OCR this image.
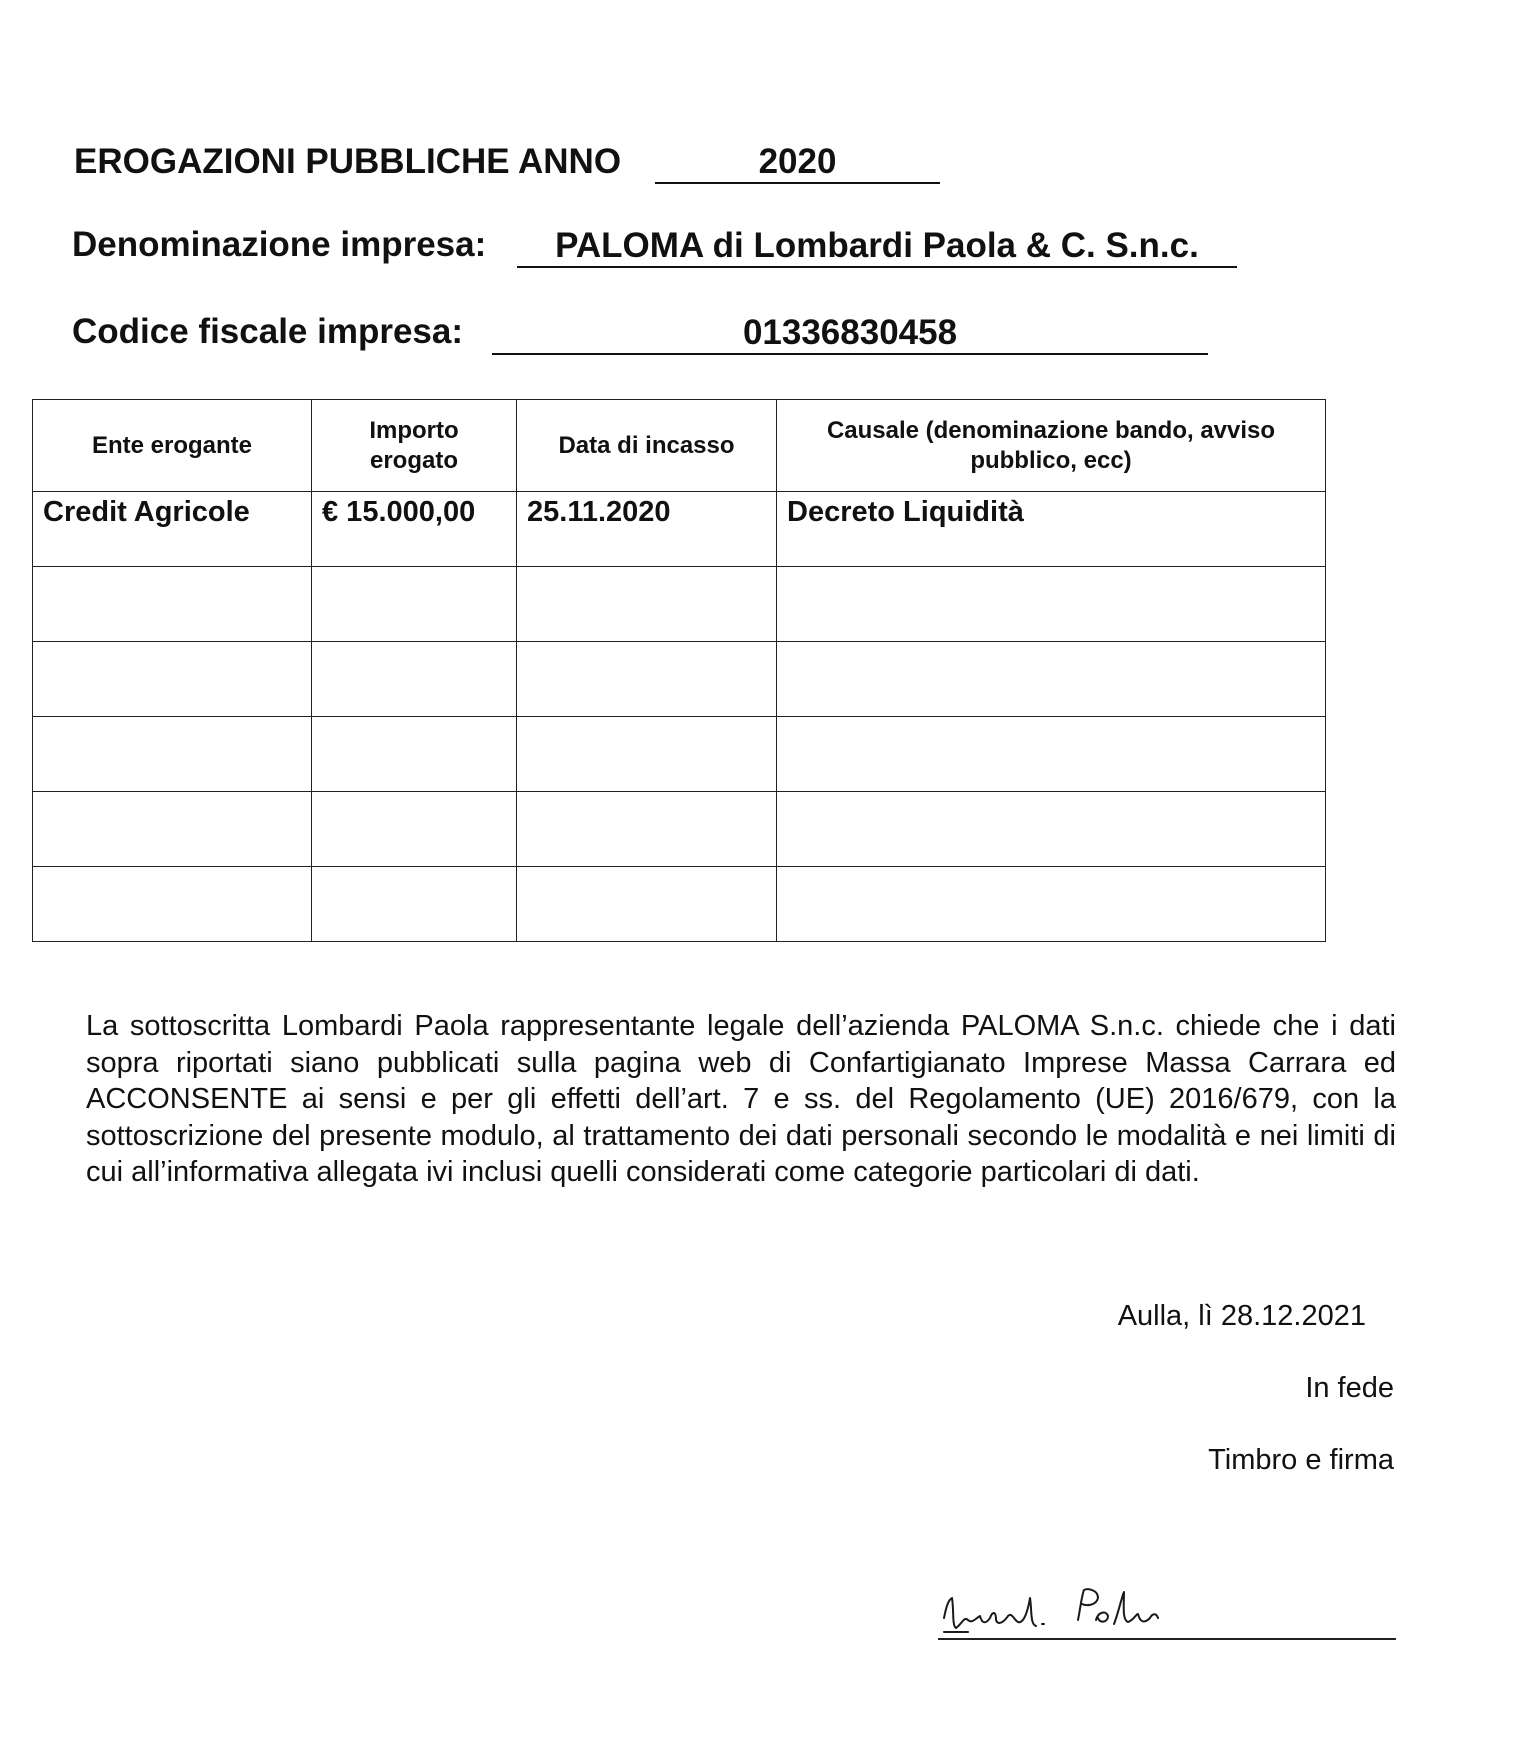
EROGAZIONI PUBBLICHE ANNO	2020
Denominazione impresa:	PALOMA di Lombardi Paola & C. S.n.c.
Codice fiscale impresa:	01336830458
Ente erogante	Importo erogato	Data di incasso	Causale (denominazione bando, avviso pubblico, ecc)
Credit Agricole	€ 15.000,00	25.11.2020	Decreto Liquidità

La sottoscritta Lombardi Paola rappresentante legale dell’azienda PALOMA S.n.c. chiede che i dati sopra riportati siano pubblicati sulla pagina web di Confartigianato Imprese Massa Carrara ed ACCONSENTE ai sensi e per gli effetti dell’art. 7 e ss. del Regolamento (UE) 2016/679, con la sottoscrizione del presente modulo, al trattamento dei dati personali secondo le modalità e nei limiti di cui all’informativa allegata ivi inclusi quelli considerati come categorie particolari di dati.
Aulla, lì 28.12.2021
In fede
Timbro e firma
